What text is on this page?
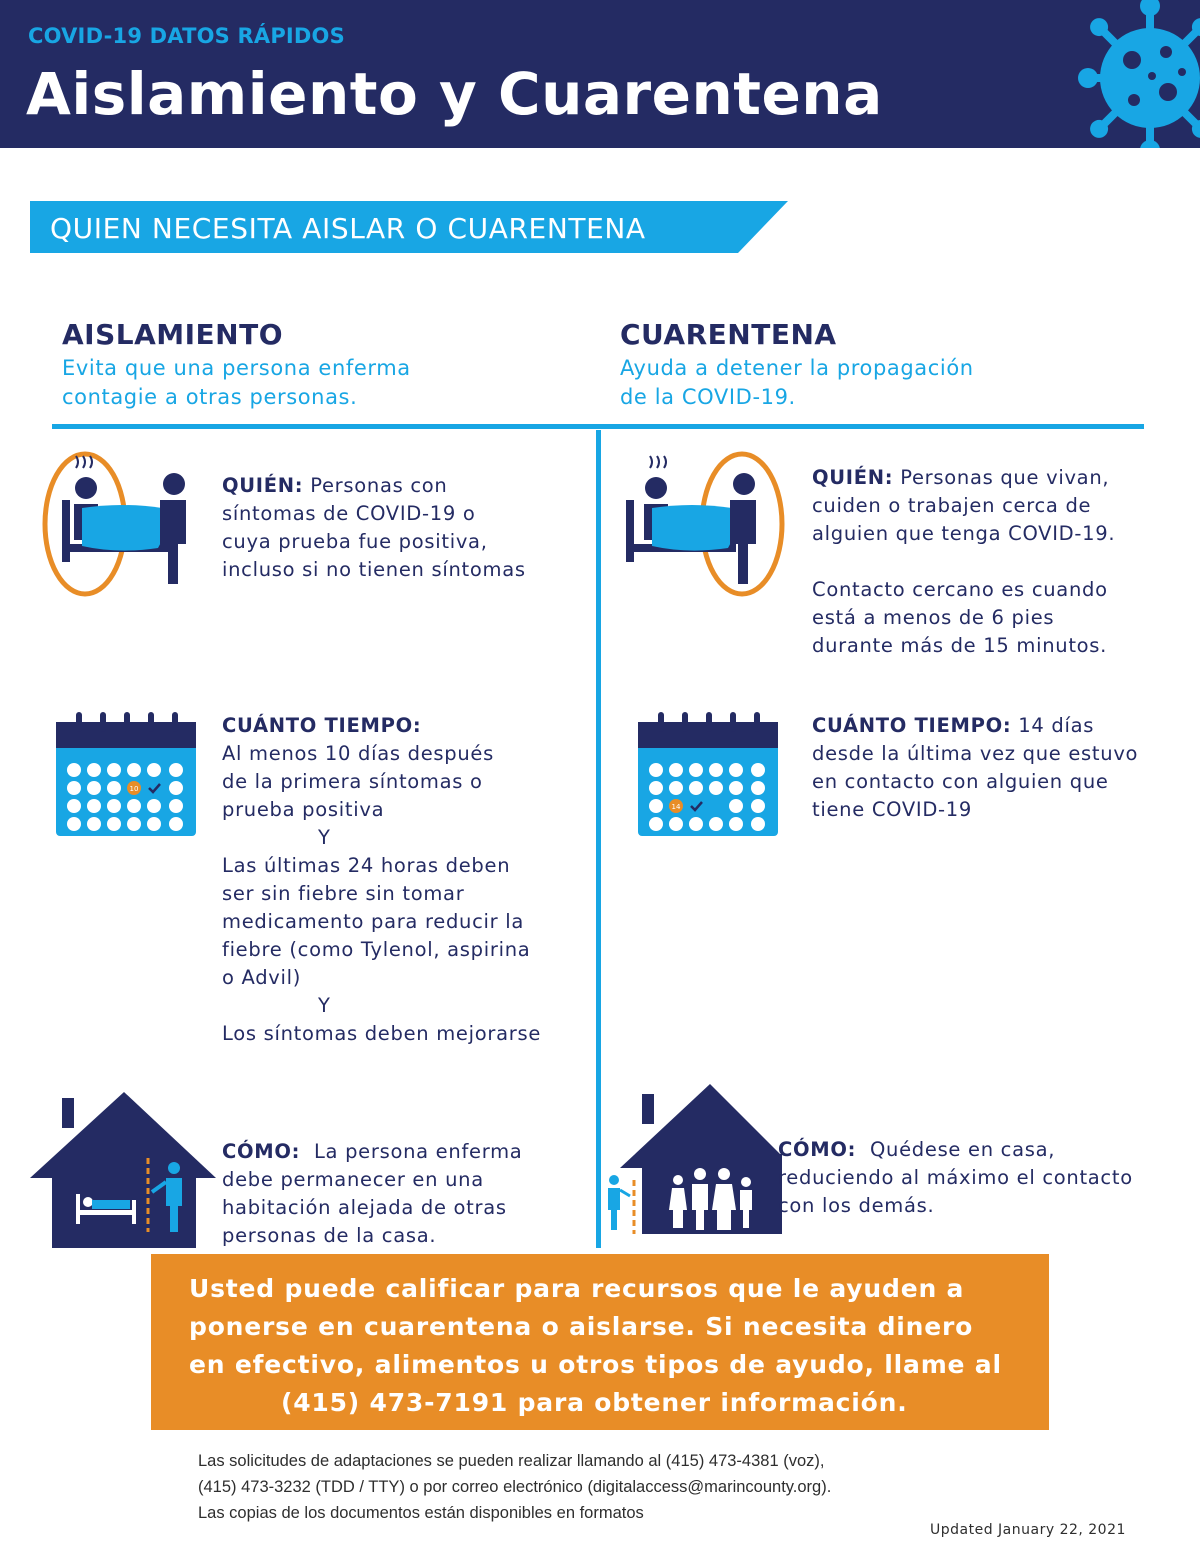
COVID-19 DATOS RÁPIDOS
Aislamiento y Cuarentena
QUIEN NECESITA AISLAR O CUARENTENA
AISLAMIENTO
Evita que una persona enferma
contagie a otras personas.
CUARENTENA
Ayuda a detener la propagación
de la COVID-19.
QUIÉN: Personas con
síntomas de COVID-19 o
cuya prueba fue positiva,
incluso si no tienen síntomas
10
CUÁNTO TIEMPO:
Al menos 10 días después
de la primera síntomas o
prueba positiva
Y
Las últimas 24 horas deben
ser sin fiebre sin tomar
medicamento para reducir la
fiebre (como Tylenol, aspirina
o Advil)
Y
Los síntomas deben mejorarse
CÓMO: La persona enferma
debe permanecer en una
habitación alejada de otras
personas de la casa.
QUIÉN: Personas que vivan,
cuiden o trabajen cerca de
alguien que tenga COVID-19.
Contacto cercano es cuando
está a menos de 6 pies
durante más de 15 minutos.
14
CUÁNTO TIEMPO: 14 días
desde la última vez que estuvo
en contacto con alguien que
tiene COVID-19
CÓMO: Quédese en casa,
reduciendo al máximo el contacto
con los demás.
Usted puede calificar para recursos que le ayuden a
ponerse en cuarentena o aislarse. Si necesita dinero
en efectivo, alimentos u otros tipos de ayudo, llame al
(415) 473-7191 para obtener información.
Las solicitudes de adaptaciones se pueden realizar llamando al (415) 473-4381 (voz),
(415) 473-3232 (TDD / TTY) o por correo electrónico (digitalaccess@marincounty.org).
Las copias de los documentos están disponibles en formatos
Updated January 22, 2021
